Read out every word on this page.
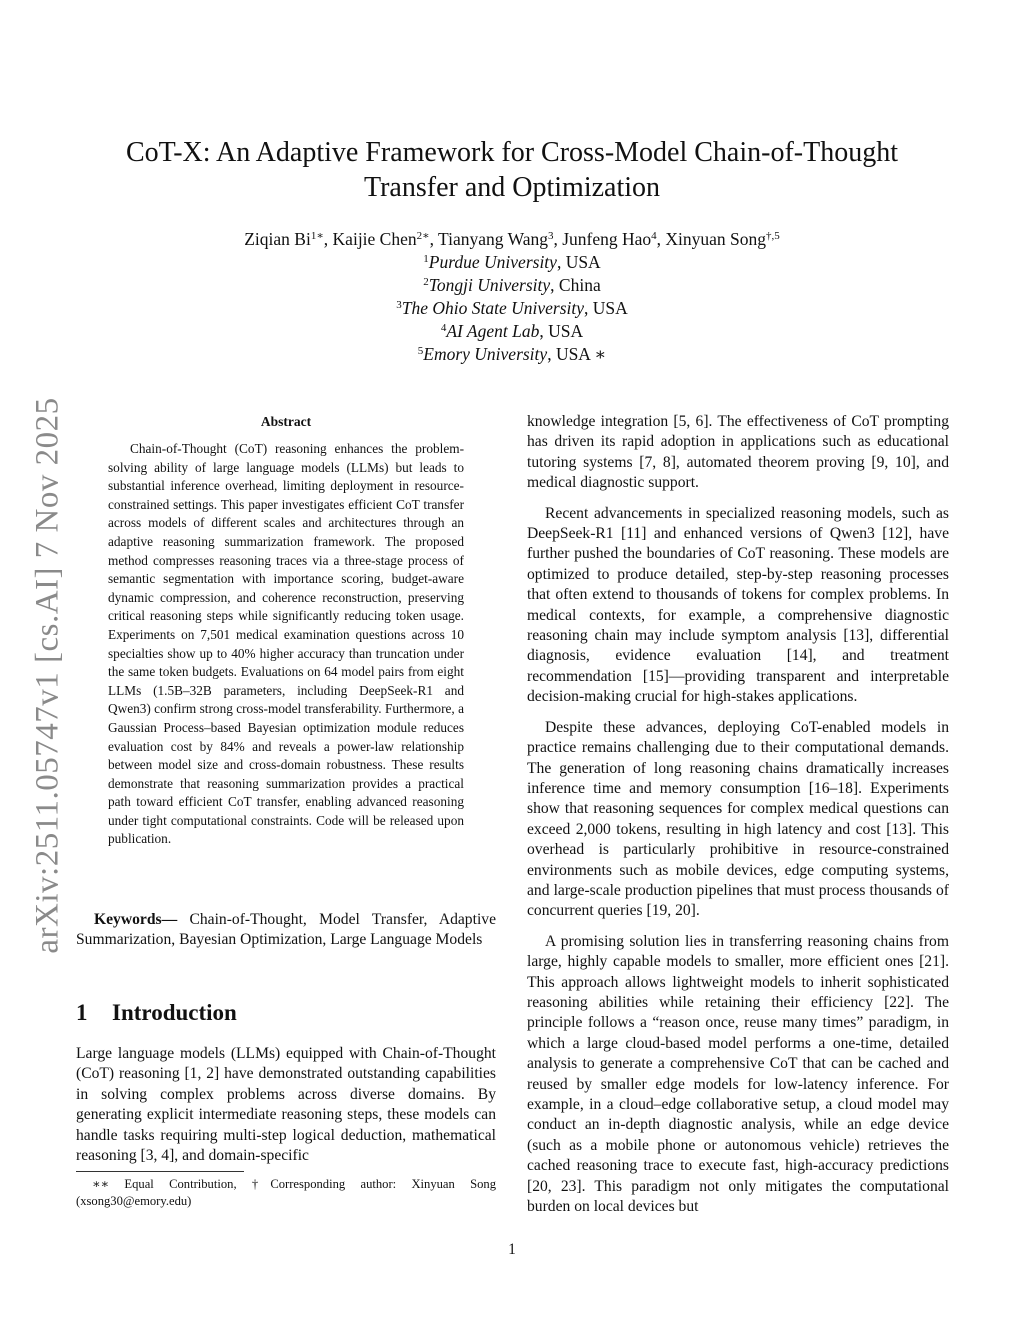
arXiv:2511.05747v1 [cs.AI] 7 Nov 2025
CoT-X: An Adaptive Framework for Cross-Model Chain-of-Thought
Transfer and Optimization
Ziqian $Bi^{1∗}$, Kaijie Chen$^{2∗}$, Tianyang Wang$^3$, Junfeng Hao$^4$, Xinyuan Song$^{\dagger,5}$
$^1$Purdue University, USA
$^2$Tongji University, China
$^3$The Ohio State University, USA
$^4$AI Agent Lab, USA
$^5$Emory University, USA ∗
Abstract
Chain-of-Thought (CoT) reasoning enhances the problem-solving ability of large language models (LLMs) but leads to substantial inference overhead, limiting deployment in resource-constrained settings. This paper investigates efficient CoT transfer across models of different scales and architectures through an adaptive reasoning summarization framework. The proposed method compresses reasoning traces via a three-stage process of semantic segmentation with importance scoring, budget-aware dynamic compression, and coherence reconstruction, preserving critical reasoning steps while significantly reducing token usage. Experiments on 7,501 medical examination questions across 10 specialties show up to 40% higher accuracy than truncation under the same token budgets. Evaluations on 64 model pairs from eight LLMs (1.5B–32B parameters, including DeepSeek-R1 and Qwen3) confirm strong cross-model transferability. Furthermore, a Gaussian Process–based Bayesian optimization module reduces evaluation cost by 84% and reveals a power-law relationship between model size and cross-domain robustness. These results demonstrate that reasoning summarization provides a practical path toward efficient CoT transfer, enabling advanced reasoning under tight computational constraints. Code will be released upon publication.
Keywords— Chain-of-Thought, Model Transfer, Adaptive Summarization, Bayesian Optimization, Large Language Models
1 Introduction
Large language models (LLMs) equipped with Chain-of-Thought (CoT) reasoning [1, 2] have demonstrated outstanding capabilities in solving complex problems across diverse domains. By generating explicit intermediate reasoning steps, these models can handle tasks requiring multi-step logical deduction, mathematical reasoning [3, 4], and domain-specific
∗∗ Equal Contribution, †Corresponding author: Xinyuan Song (xsong30@emory.edu)

knowledge integration [5, 6]. The effectiveness of CoT prompting has driven its rapid adoption in applications such as educational tutoring systems [7, 8], automated theorem proving [9, 10], and medical diagnostic support.

Recent advancements in specialized reasoning models, such as DeepSeek-R1 [11] and enhanced versions of Qwen3 [12], have further pushed the boundaries of CoT reasoning. These models are optimized to produce detailed, step-by-step reasoning processes that often extend to thousands of tokens for complex problems. In medical contexts, for example, a comprehensive diagnostic reasoning chain may include symptom analysis [13], differential diagnosis, evidence evaluation [14], and treatment recommendation [15]—providing transparent and interpretable decision-making crucial for high-stakes applications.

Despite these advances, deploying CoT-enabled models in practice remains challenging due to their computational demands. The generation of long reasoning chains dramatically increases inference time and memory consumption [16–18]. Experiments show that reasoning sequences for complex medical questions can exceed 2,000 tokens, resulting in high latency and cost [13]. This overhead is particularly prohibitive in resource-constrained environments such as mobile devices, edge computing systems, and large-scale production pipelines that must process thousands of concurrent queries [19, 20].

A promising solution lies in transferring reasoning chains from large, highly capable models to smaller, more efficient ones [21]. This approach allows lightweight models to inherit sophisticated reasoning abilities while retaining their efficiency [22]. The principle follows a “reason once, reuse many times” paradigm, in which a large cloud-based model performs a one-time, detailed analysis to generate a comprehensive CoT that can be cached and reused by smaller edge models for low-latency inference. For example, in a cloud–edge collaborative setup, a cloud model may conduct an in-depth diagnostic analysis, while an edge device (such as a mobile phone or autonomous vehicle) retrieves the cached reasoning trace to execute fast, high-accuracy predictions [20, 23]. This paradigm not only mitigates the computational burden on local devices but

1
